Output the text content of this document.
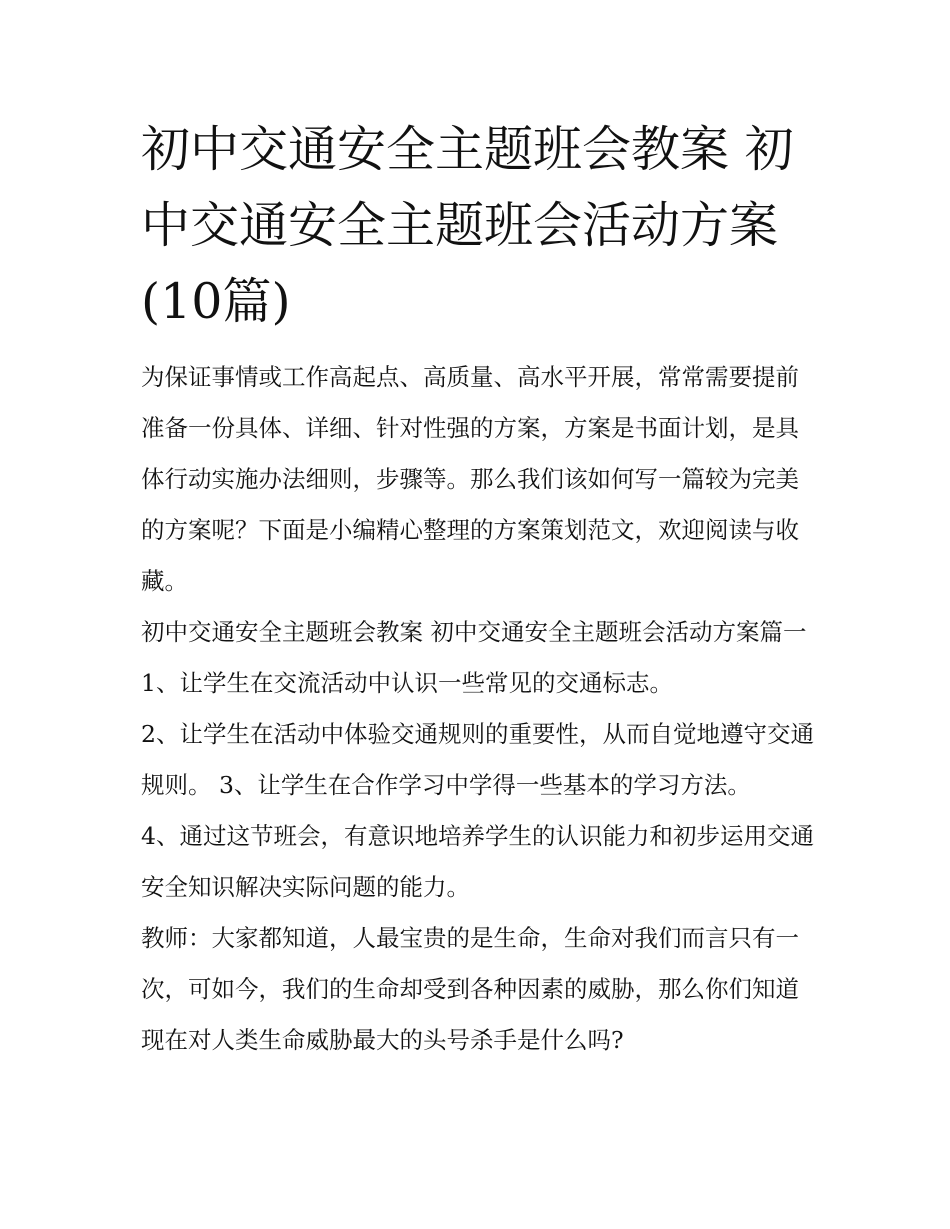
初中交通安全主题班会教案 初中交通安全主题班会活动方案(10篇)

为保证事情或工作高起点、高质量、高水平开展，常常需要提前准备一份具体、详细、针对性强的方案，方案是书面计划，是具体行动实施办法细则，步骤等。那么我们该如何写一篇较为完美的方案呢？下面是小编精心整理的方案策划范文，欢迎阅读与收藏。

初中交通安全主题班会教案 初中交通安全主题班会活动方案篇一 1、让学生在交流活动中认识一些常见的交通标志。

2、让学生在活动中体验交通规则的重要性，从而自觉地遵守交通规则。 3、让学生在合作学习中学得一些基本的学习方法。

4、通过这节班会，有意识地培养学生的认识能力和初步运用交通安全知识解决实际问题的能力。

教师：大家都知道，人最宝贵的是生命，生命对我们而言只有一次，可如今，我们的生命却受到各种因素的威胁，那么你们知道现在对人类生命威胁最大的头号杀手是什么吗?
